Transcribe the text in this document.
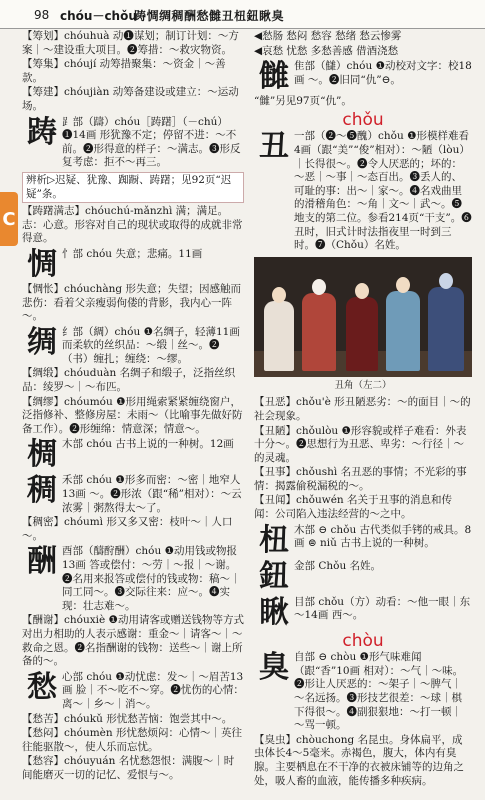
98 chóu－chǒu
踌惆绸稠酬愁雠丑杻鈕瞅臭
C
【筹划】chóuhuà 动❶谋划；制订计划：～方案｜～建设重大项目。❷筹措：～救灾物资。
【筹集】chóují 动筹措聚集：～资金｜～善款。
【筹建】chóujiàn 动筹备建设或建立：～运动场。
踌 ⻊部（躊）chóu［踌躇］（－chú）❶14画 形犹豫不定；停留不进：～不前。❷形得意的样子：～满志。❸形反复考虑：拒不～再三。
辨析▷迟疑、犹豫、踟蹰、踌躇；见92页“迟疑”条。
【踌躇满志】chóuchú-mǎnzhì 满；满足。志：心意。形容对自己的现状或取得的成就非常得意。
惆 忄部 chóu 失意；悲痛。11画
【惆怅】chóuchàng 形失意；失望；因感触而悲伤：看着父亲瘦弱佝偻的背影，我内心一阵～。
绸 纟部（綢）chóu ❶名绸子，轻薄11画 而柔软的丝织品：～缎｜丝～。❷（书）缠扎；缠绕：～缪。
【绸缎】chóuduàn 名绸子和缎子，泛指丝织品：绫罗～｜～布匹。
【绸缪】chóumóu ❶形用绳索紧紧缠绕窗户，泛指修补、整修房屋：未雨～（比喻事先做好防备工作）。❷形缠绵：情意深；情意～。
椆 木部 chóu 古书上说的一种树。12画
稠 禾部 chóu ❶形多而密：～密｜地窄人13画 ～。❷形浓（跟“稀”相对）：～云浓雾｜粥熬得太～了。
【稠密】chóumì 形又多又密：枝叶～｜人口～。
酬 酉部（醻酧酬）chóu ❶动用钱或物报13画 答或偿付：～劳｜～报｜～谢。❷名用来报答或偿付的钱或物：稿～｜同工同～。❸交际往来：应～。❹实现：壮志难～。
【酬谢】chóuxiè ❶动用请客或赠送钱物等方式对出力相助的人表示感谢：重金～｜请客～｜～救命之恩。❷名指酬谢的钱物：送些～｜谢上所备的～。
愁 心部 chóu ❶动忧虑：发～｜～眉苦13画 脸｜不～吃不～穿。❷忧伤的心情：离～｜乡～｜消～。
【愁苦】chóukǔ 形忧愁苦恼：饱尝其中～。
【愁闷】chóumèn 形忧愁烦闷：心情～｜英往往能驱散～，使人乐而忘忧。
【愁容】chóuyuán 名忧愁怨恨：满腹～｜时间能磨灭一切的记忆、爱恨与～。
◀愁肠 愁闷 愁容 愁绪 愁云惨雾
◀哀愁 忧愁 多愁善感 借酒浇愁
雠 隹部（讎）chóu ❶动校对文字：校18画 ～。❷旧同“仇”⊖。
“雠”另见97页“仇”。
chǒu
丑 一部（❷～❺醜）chǒu ❶形模样难看4画（跟“美”“俊”相对）：～陋（lòu）｜长得很～。❷令人厌恶的；坏的：～恶｜～事｜～态百出。❸丢人的、可耻的事：出～｜家～。❹名戏曲里的滑稽角色：～角｜文～｜武～。❺地支的第二位。参看214页“干支”。❻丑时，旧式计时法指夜里一时到三时。❼（Chǒu）名姓。
丑角（左二）
【丑恶】chǒu'è 形丑陋恶劣：～的面目｜～的社会现象。
【丑陋】chǒulòu ❶形容貌或样子难看：外表十分～。❷思想行为丑恶、卑劣：～行径｜～的灵魂。
【丑事】chǒushì 名丑恶的事情；不光彩的事情：揭露偷税漏税的～。
【丑闻】chǒuwén 名关于丑事的消息和传闻：公司陷入违法经营的～之中。
杻 木部 ⊖ chǒu 古代类似手铐的戒具。8画 ⊜ niǔ 古书上说的一种树。
鈕 金部 Chǒu 名姓。
瞅 目部 chǒu（方）动看：～他一眼｜东～14画 西～。
chòu
臭 自部 ⊖ chòu ❶形气味难闻（跟“香”10画 相对）：～气｜～味。❷形让人厌恶的：～架子｜～脾气｜～名远扬。❸形技艺很差：～球｜棋下得很～。❹副狠狠地：～打一顿｜～骂一顿。
【臭虫】chòuchong 名昆虫。身体扁平，成虫体长4～5毫米。赤褐色，腹大，体内有臭腺。主要栖息在不干净的衣被床铺等的边角之处，吸人畜的血液，能传播多种疾病。
